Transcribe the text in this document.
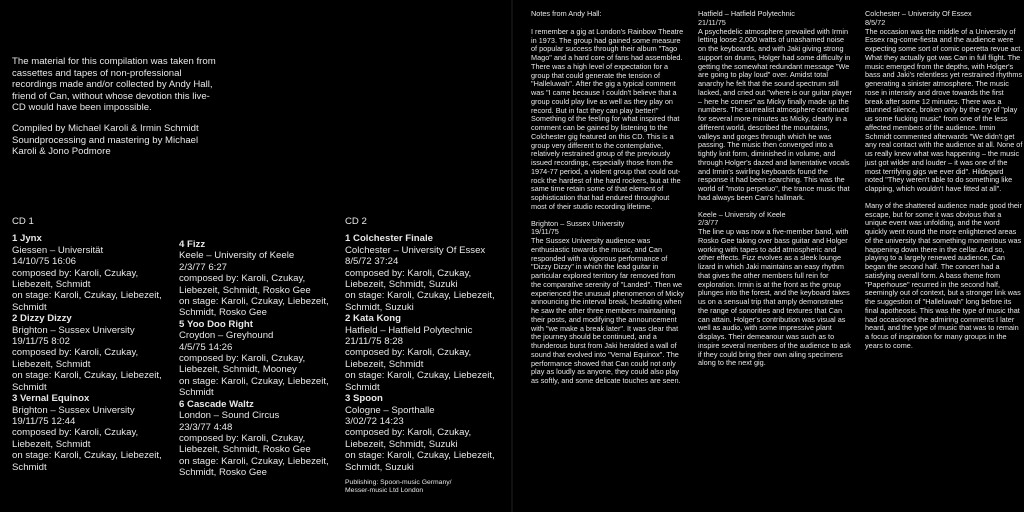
The material for this compilation was taken from cassettes and tapes of non-professional recordings made and/or collected by Andy Hall, friend of Can, without whose devotion this live-CD would have been impossible.

Compiled by Michael Karoli & Irmin Schmidt
Soundprocessing and mastering by Michael Karoli & Jono Podmore

CD 1
1 Jynx
Giessen – Universität
14/10/75 16:06
composed by: Karoli, Czukay, Liebezeit, Schmidt
on stage: Karoli, Czukay, Liebezeit, Schmidt
2 Dizzy Dizzy
Brighton – Sussex University
19/11/75 8:02
composed by: Karoli, Czukay, Liebezeit, Schmidt
on stage: Karoli, Czukay, Liebezeit, Schmidt
3 Vernal Equinox
Brighton – Sussex University
19/11/75 12:44
composed by: Karoli, Czukay, Liebezeit, Schmidt
on stage: Karoli, Czukay, Liebezeit, Schmidt
4 Fizz
Keele – University of Keele
2/3/77 6:27
composed by: Karoli, Czukay, Liebezeit, Schmidt, Rosko Gee
on stage: Karoli, Czukay, Liebezeit, Schmidt, Rosko Gee
5 Yoo Doo Right
Croydon – Greyhound
4/5/75 14:26
composed by: Karoli, Czukay, Liebezeit, Schmidt, Mooney
on stage: Karoli, Czukay, Liebezeit, Schmidt
6 Cascade Waltz
London – Sound Circus
23/3/77 4:48
composed by: Karoli, Czukay, Liebezeit, Schmidt, Rosko Gee
on stage: Karoli, Czukay, Liebezeit, Schmidt, Rosko Gee
CD 2
1 Colchester Finale
Colchester – University Of Essex
8/5/72 37:24
composed by: Karoli, Czukay, Liebezeit, Schmidt, Suzuki
on stage: Karoli, Czukay, Liebezeit, Schmidt, Suzuki
2 Kata Kong
Hatfield – Hatfield Polytechnic
21/11/75 8:28
composed by: Karoli, Czukay, Liebezeit, Schmidt
on stage: Karoli, Czukay, Liebezeit, Schmidt
3 Spoon
Cologne – Sporthalle
3/02/72 14:23
composed by: Karoli, Czukay, Liebezeit, Schmidt, Suzuki
on stage: Karoli, Czukay, Liebezeit, Schmidt, Suzuki
Publishing: Spoon-music Germany/
Messer-music Ltd London

Notes from Andy Hall:

I remember a gig at London's Rainbow Theatre in 1973. The group had gained some measure of popular success through their album "Tago Mago" and a hard core of fans had assembled. There was a high level of expectation for a group that could generate the tension of "Halleluwah". After the gig a typical comment was "I came because I couldn't believe that a group could play live as well as they play on record. But in fact they can play better!" Something of the feeling for what inspired that comment can be gained by listening to the Colchester gig featured on this CD. This is a group very different to the contemplative, relatively restrained group of the previously issued recordings, especially those from the 1974-77 period, a violent group that could out-rock the hardest of the hard rockers, but at the same time retain some of that element of sophistication that had endured throughout most of their studio recording lifetime.

Brighton – Sussex University
19/11/75

The Sussex University audience was enthusiastic towards the music, and Can responded with a vigorous performance of "Dizzy Dizzy" in which the lead guitar in particular explored territory far removed from the comparative serenity of "Landed". Then we experienced the unusual phenomenon of Micky announcing the interval break, hesitating when he saw the other three members maintaining their posts, and modifying the announcement with "we make a break later". It was clear that the journey should be continued, and a thunderous burst from Jaki heralded a wall of sound that evolved into "Vernal Equinox". The performance showed that Can could not only play as loudly as anyone, they could also play as softly, and some delicate touches are seen.

Hatfield – Hatfield Polytechnic
21/11/75

A psychedelic atmosphere prevailed with Irmin letting loose 2,000 watts of unashamed noise on the keyboards, and with Jaki giving strong support on drums, Holger had some difficulty in getting the somewhat redundant message "We are going to play loud" over. Amidst total anarchy he felt that the sound spectrum still lacked, and cried out "where is our guitar player – here he comes" as Micky finally made up the numbers. The surrealist atmosphere continued for several more minutes as Micky, clearly in a different world, described the mountains, valleys and gorges through which he was passing. The music then converged into a tightly knit form, diminished in volume, and through Holger's dazed and lamentative vocals and Irmin's swirling keyboards found the response it had been searching. This was the world of "moto perpetuo", the trance music that had always been Can's hallmark.

Keele – University of Keele
2/3/77

The line up was now a five-member band, with Rosko Gee taking over bass guitar and Holger working with tapes to add atmospheric and other effects. Fizz evolves as a sleek lounge lizard in which Jaki maintains an easy rhythm that gives the other members full rein for exploration. Irmin is at the front as the group plunges into the forest, and the keyboard takes us on a sensual trip that amply demonstrates the range of sonorities and textures that Can can attain. Holger's contribution was visual as well as audio, with some impressive plant displays. Their demeanour was such as to inspire several members of the audience to ask if they could bring their own ailing specimens along to the next gig.

Colchester – University Of Essex
8/5/72

The occasion was the middle of a University of Essex rag-come-fiesta and the audience were expecting some sort of comic operetta revue act. What they actually got was Can in full flight. The music emerged from the depths, with Holger's bass and Jaki's relentless yet restrained rhythms generating a sinister atmosphere. The music rose in intensity and drove towards the first break after some 12 minutes. There was a stunned silence, broken only by the cry of "play us some fucking music" from one of the less affected members of the audience. Irmin Schmidt commented afterwards "We didn't get any real contact with the audience at all. None of us really knew what was happening – the music just got wilder and louder – it was one of the most terrifying gigs we ever did". Hildegard noted "They weren't able to do something like clapping, which wouldn't have fitted at all".

Many of the shattered audience made good their escape, but for some it was obvious that a unique event was unfolding, and the word quickly went round the more enlightened areas of the university that something momentous was happening down there in the cellar. And so, playing to a largely renewed audience, Can began the second half. The concert had a satisfying overall form. A bass theme from "Paperhouse" recurred in the second half, seemingly out of context, but a stronger link was the suggestion of "Halleluwah" long before its final apotheosis. This was the type of music that had occasioned the admiring comments I later heard, and the type of music that was to remain a focus of inspiration for many groups in the years to come.
